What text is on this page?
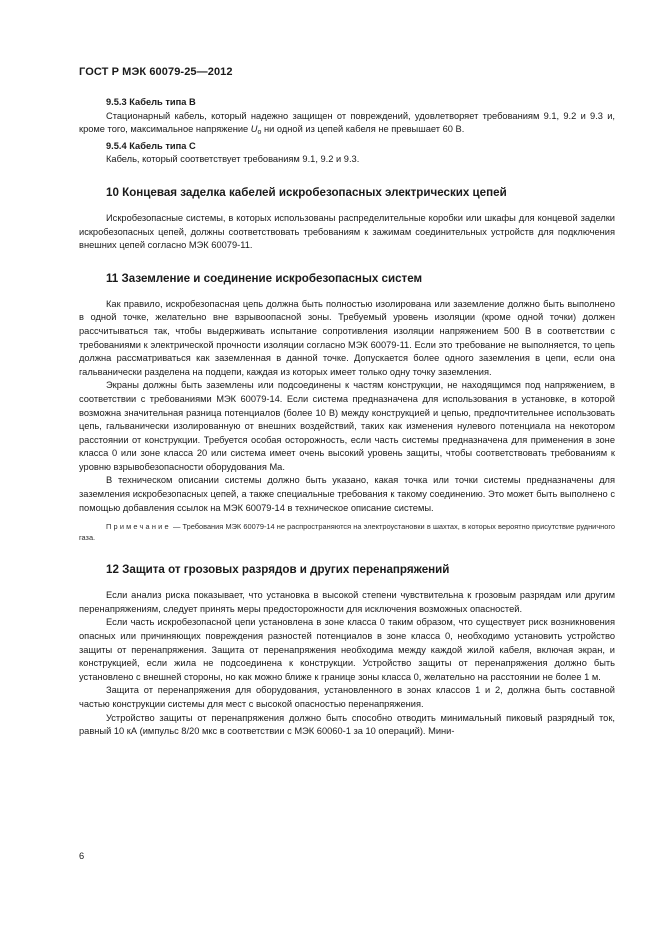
ГОСТ Р МЭК 60079-25—2012
9.5.3 Кабель типа B

Стационарный кабель, который надежно защищен от повреждений, удовлетворяет требованиям 9.1, 9.2 и 9.3 и, кроме того, максимальное напряжение $U_o$ ни одной из цепей кабеля не превышает 60 В.

9.5.4 Кабель типа C

Кабель, который соответствует требованиям 9.1, 9.2 и 9.3.

10 Концевая заделка кабелей искробезопасных электрических цепей

Искробезопасные системы, в которых использованы распределительные коробки или шкафы для концевой заделки искробезопасных цепей, должны соответствовать требованиям к зажимам соединительных устройств для подключения внешних цепей согласно МЭК 60079-11.

11 Заземление и соединение искробезопасных систем

Как правило, искробезопасная цепь должна быть полностью изолирована или заземление должно быть выполнено в одной точке, желательно вне взрывоопасной зоны. Требуемый уровень изоляции (кроме одной точки) должен рассчитываться так, чтобы выдерживать испытание сопротивления изоляции напряжением 500 В в соответствии с требованиями к электрической прочности изоляции согласно МЭК 60079-11. Если это требование не выполняется, то цепь должна рассматриваться как заземленная в данной точке. Допускается более одного заземления в цепи, если она гальванически разделена на подцепи, каждая из которых имеет только одну точку заземления.

Экраны должны быть заземлены или подсоединены к частям конструкции, не находящимся под напряжением, в соответствии с требованиями МЭК 60079-14. Если система предназначена для использования в установке, в которой возможна значительная разница потенциалов (более 10 В) между конструкцией и цепью, предпочтительнее использовать цепь, гальванически изолированную от внешних воздействий, таких как изменения нулевого потенциала на некотором расстоянии от конструкции. Требуется особая осторожность, если часть системы предназначена для применения в зоне класса 0 или зоне класса 20 или система имеет очень высокий уровень защиты, чтобы соответствовать требованиям к уровню взрывобезопасности оборудования Ma.

В техническом описании системы должно быть указано, какая точка или точки системы предназначены для заземления искробезопасных цепей, а также специальные требования к такому соединению. Это может быть выполнено с помощью добавления ссылок на МЭК 60079-14 в техническое описание системы.

Примечание — Требования МЭК 60079-14 не распространяются на электроустановки в шахтах, в которых вероятно присутствие рудничного газа.
12 Защита от грозовых разрядов и других перенапряжений

Если анализ риска показывает, что установка в высокой степени чувствительна к грозовым разрядам или другим перенапряжениям, следует принять меры предосторожности для исключения возможных опасностей.

Если часть искробезопасной цепи установлена в зоне класса 0 таким образом, что существует риск возникновения опасных или причиняющих повреждения разностей потенциалов в зоне класса 0, необходимо установить устройство защиты от перенапряжения. Защита от перенапряжения необходима между каждой жилой кабеля, включая экран, и конструкцией, если жила не подсоединена к конструкции. Устройство защиты от перенапряжения должно быть установлено с внешней стороны, но как можно ближе к границе зоны класса 0, желательно на расстоянии не более 1 м.

Защита от перенапряжения для оборудования, установленного в зонах классов 1 и 2, должна быть составной частью конструкции системы для мест с высокой опасностью перенапряжения.

Устройство защиты от перенапряжения должно быть способно отводить минимальный пиковый разрядный ток, равный 10 кА (импульс 8/20 мкс в соответствии с МЭК 60060-1 за 10 операций). Мини-

6
